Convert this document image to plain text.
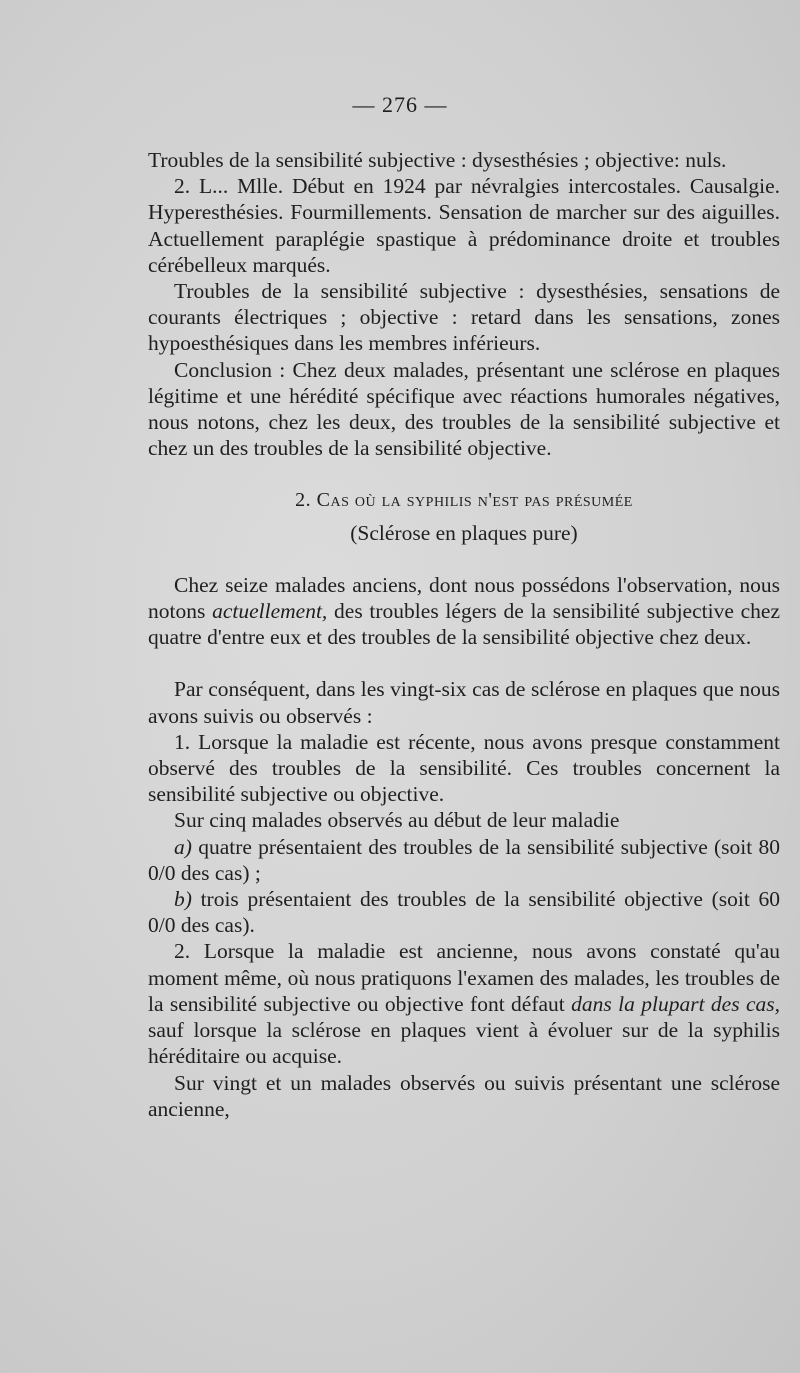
— 276 —

Troubles de la sensibilité subjective : dysesthésies ; objective: nuls.

2. L... Mlle. Début en 1924 par névralgies intercostales. Causalgie. Hyperesthésies. Fourmillements. Sensation de marcher sur des aiguilles. Actuellement paraplégie spastique à prédominance droite et troubles cérébelleux marqués.

Troubles de la sensibilité subjective : dysesthésies, sensations de courants électriques ; objective : retard dans les sensations, zones hypoesthésiques dans les membres inférieurs.

Conclusion : Chez deux malades, présentant une sclérose en plaques légitime et une hérédité spécifique avec réactions humorales négatives, nous notons, chez les deux, des troubles de la sensibilité subjective et chez un des troubles de la sensibilité objective.

2. Cas où la syphilis n'est pas présumée
(Sclérose en plaques pure)

Chez seize malades anciens, dont nous possédons l'observation, nous notons actuellement, des troubles légers de la sensibilité subjective chez quatre d'entre eux et des troubles de la sensibilité objective chez deux.

Par conséquent, dans les vingt-six cas de sclérose en plaques que nous avons suivis ou observés :

1. Lorsque la maladie est récente, nous avons presque constamment observé des troubles de la sensibilité. Ces troubles concernent la sensibilité subjective ou objective.

Sur cinq malades observés au début de leur maladie

a) quatre présentaient des troubles de la sensibilité subjective (soit 80 0/0 des cas) ;

b) trois présentaient des troubles de la sensibilité objective (soit 60 0/0 des cas).

2. Lorsque la maladie est ancienne, nous avons constaté qu'au moment même, où nous pratiquons l'examen des malades, les troubles de la sensibilité subjective ou objective font défaut dans la plupart des cas, sauf lorsque la sclérose en plaques vient à évoluer sur de la syphilis héréditaire ou acquise.

Sur vingt et un malades observés ou suivis présentant une sclérose ancienne,
